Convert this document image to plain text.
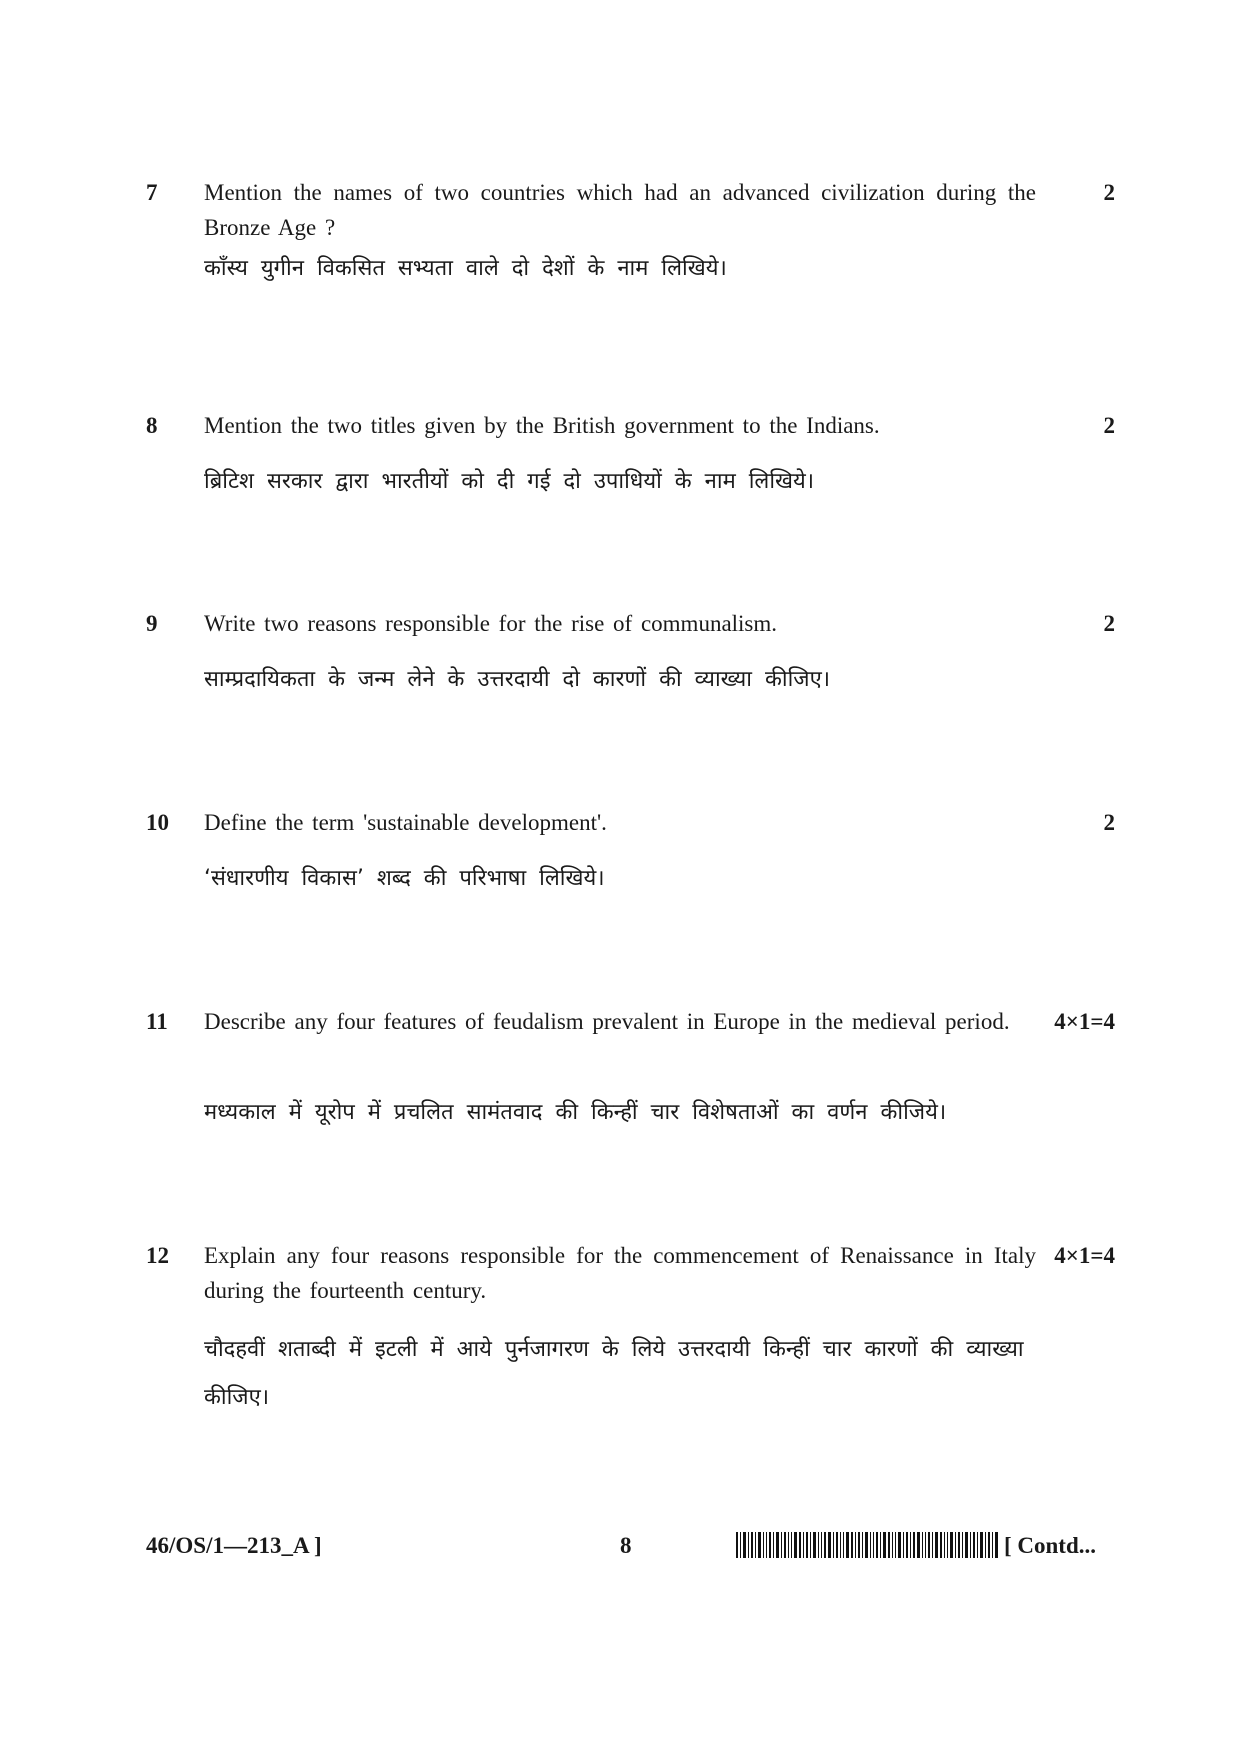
7 Mention the names of two countries which had an advanced civilization during the Bronze Age ?
काँस्य युगीन विकसित सभ्यता वाले दो देशों के नाम लिखिये।
2
8 Mention the two titles given by the British government to the Indians.
ब्रिटिश सरकार द्वारा भारतीयों को दी गई दो उपाधियों के नाम लिखिये।
2
9 Write two reasons responsible for the rise of communalism.
साम्प्रदायिकता के जन्म लेने के उत्तरदायी दो कारणों की व्याख्या कीजिए।
2
10 Define the term 'sustainable development'.
‘संधारणीय विकास’ शब्द की परिभाषा लिखिये।
2
11 Describe any four features of feudalism prevalent in Europe in the medieval period.
मध्यकाल में यूरोप में प्रचलित सामंतवाद की किन्हीं चार विशेषताओं का वर्णन कीजिये।
4×1=4
12 Explain any four reasons responsible for the commencement of Renaissance in Italy during the fourteenth century.
चौदहवीं शताब्दी में इटली में आये पुर्नजागरण के लिये उत्तरदायी किन्हीं चार कारणों की व्याख्या कीजिए।
4×1=4
46/OS/1—213_A ]	8	[ Contd...
